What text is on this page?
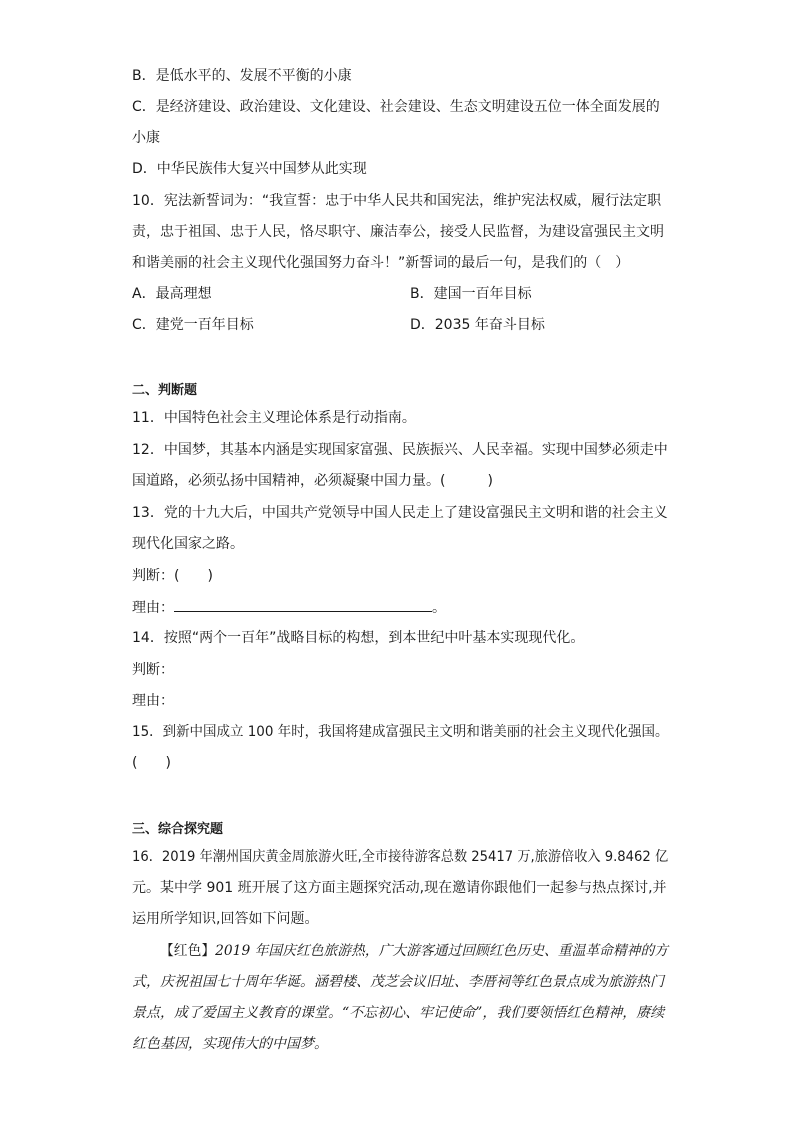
B．是低水平的、发展不平衡的小康
C．是经济建设、政治建设、文化建设、社会建设、生态文明建设五位一体全面发展的
小康
D．中华民族伟大复兴中国梦从此实现
10．宪法新誓词为：“我宣誓：忠于中华人民共和国宪法，维护宪法权威，履行法定职
责，忠于祖国、忠于人民，恪尽职守、廉洁奉公，接受人民监督，为建设富强民主文明
和谐美丽的社会主义现代化强国努力奋斗！”新誓词的最后一句，是我们的（　）
A．最高理想	B．建国一百年目标
C．建党一百年目标	D．2035 年奋斗目标
二、判断题
11．中国特色社会主义理论体系是行动指南。
12．中国梦，其基本内涵是实现国家富强、民族振兴、人民幸福。实现中国梦必须走中
国道路，必须弘扬中国精神，必须凝聚中国力量。(　　　)
13．党的十九大后，中国共产党领导中国人民走上了建设富强民主文明和谐的社会主义
现代化国家之路。
判断：(　　)
理由：	。
14．按照“两个一百年”战略目标的构想，到本世纪中叶基本实现现代化。
判断：
理由：
15．到新中国成立 100 年时，我国将建成富强民主文明和谐美丽的社会主义现代化强国。
(　　)
三、综合探究题
16．2019 年潮州国庆黄金周旅游火旺,全市接待游客总数 25417 万,旅游倍收入 9.8462 亿
元。某中学 901 班开展了这方面主题探究活动,现在邀请你跟他们一起参与热点探讨,并
运用所学知识,回答如下问题。
【红色】2019 年国庆红色旅游热，广大游客通过回顾红色历史、重温革命精神的方
式，庆祝祖国七十周年华诞。涵碧楼、茂芝会议旧址、李厝祠等红色景点成为旅游热门
景点，成了爱国主义教育的课堂。“不忘初心、牢记使命”，我们要领悟红色精神，赓续
红色基因，实现伟大的中国梦。
